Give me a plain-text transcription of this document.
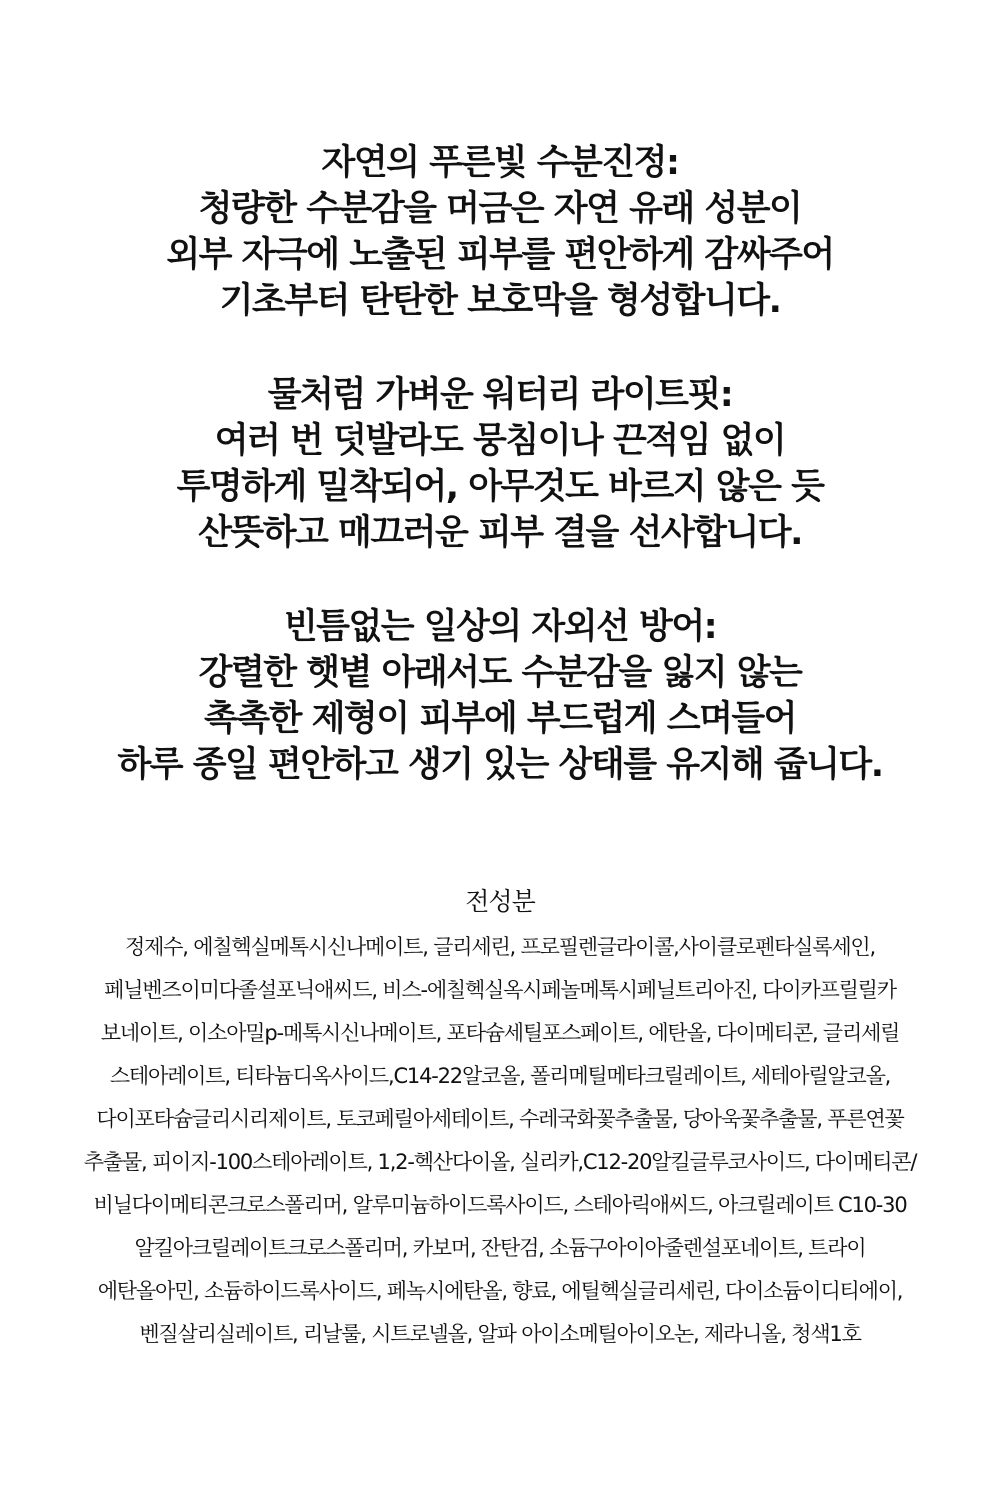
자연의 푸른빛 수분진정:
청량한 수분감을 머금은 자연 유래 성분이
외부 자극에 노출된 피부를 편안하게 감싸주어
기초부터 탄탄한 보호막을 형성합니다.
물처럼 가벼운 워터리 라이트핏:
여러 번 덧발라도 뭉침이나 끈적임 없이
투명하게 밀착되어, 아무것도 바르지 않은 듯
산뜻하고 매끄러운 피부 결을 선사합니다.
빈틈없는 일상의 자외선 방어:
강렬한 햇볕 아래서도 수분감을 잃지 않는
촉촉한 제형이 피부에 부드럽게 스며들어
하루 종일 편안하고 생기 있는 상태를 유지해 줍니다.
전성분
정제수, 에칠헥실메톡시신나메이트, 글리세린, 프로필렌글라이콜,사이클로펜타실록세인,
페닐벤즈이미다졸설포닉애씨드, 비스-에칠헥실옥시페놀메톡시페닐트리아진, 다이카프릴릴카
보네이트, 이소아밀p-메톡시신나메이트, 포타슘세틸포스페이트, 에탄올, 다이메티콘, 글리세릴
스테아레이트, 티타늄디옥사이드,C14-22알코올, 폴리메틸메타크릴레이트, 세테아릴알코올,
다이포타슘글리시리제이트, 토코페릴아세테이트, 수레국화꽃추출물, 당아욱꽃추출물, 푸른연꽃
추출물, 피이지-100스테아레이트, 1,2-헥산다이올, 실리카,C12-20알킬글루코사이드, 다이메티콘/
비닐다이메티콘크로스폴리머, 알루미늄하이드록사이드, 스테아릭애씨드, 아크릴레이트 C10-30
알킬아크릴레이트크로스폴리머, 카보머, 잔탄검, 소듐구아이아줄렌설포네이트, 트라이
에탄올아민, 소듐하이드록사이드, 페녹시에탄올, 향료, 에틸헥실글리세린, 다이소듐이디티에이,
벤질살리실레이트, 리날룰, 시트로넬올, 알파 아이소메틸아이오논, 제라니올, 청색1호
